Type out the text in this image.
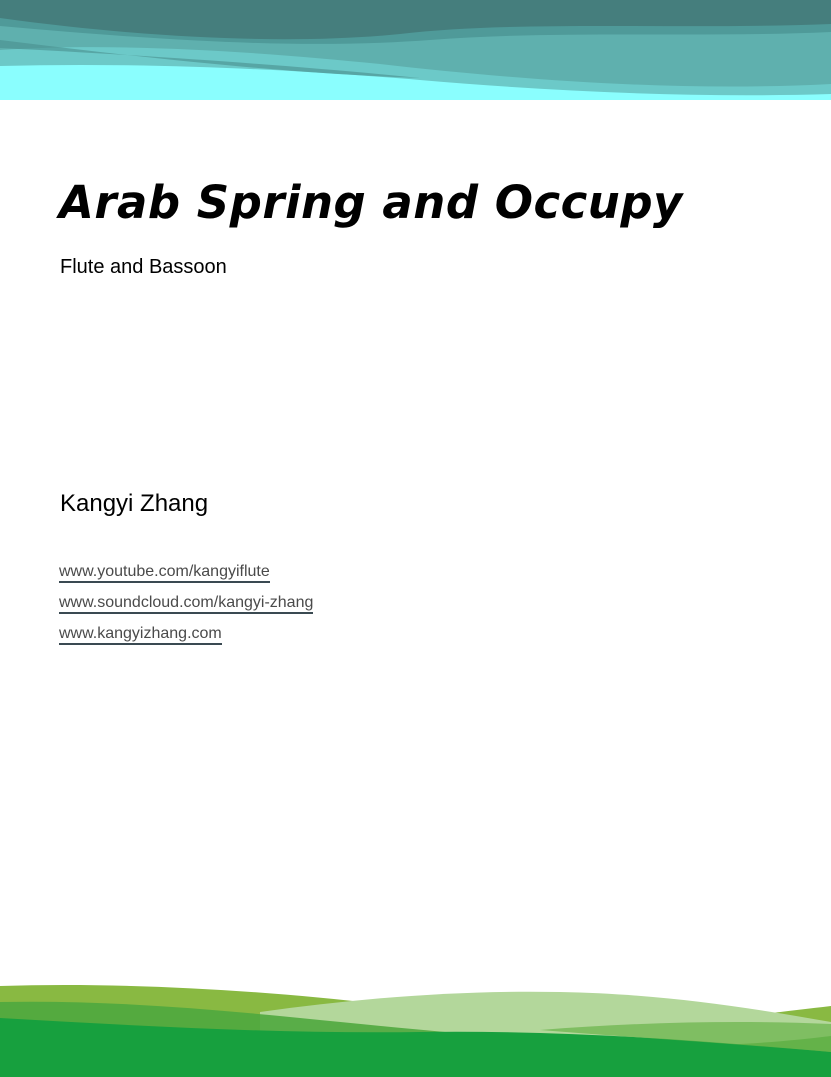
Arab Spring and Occupy

Flute and Bassoon

Kangyi Zhang

www.youtube.com/kangyiflute
www.soundcloud.com/kangyi-zhang
www.kangyizhang.com
